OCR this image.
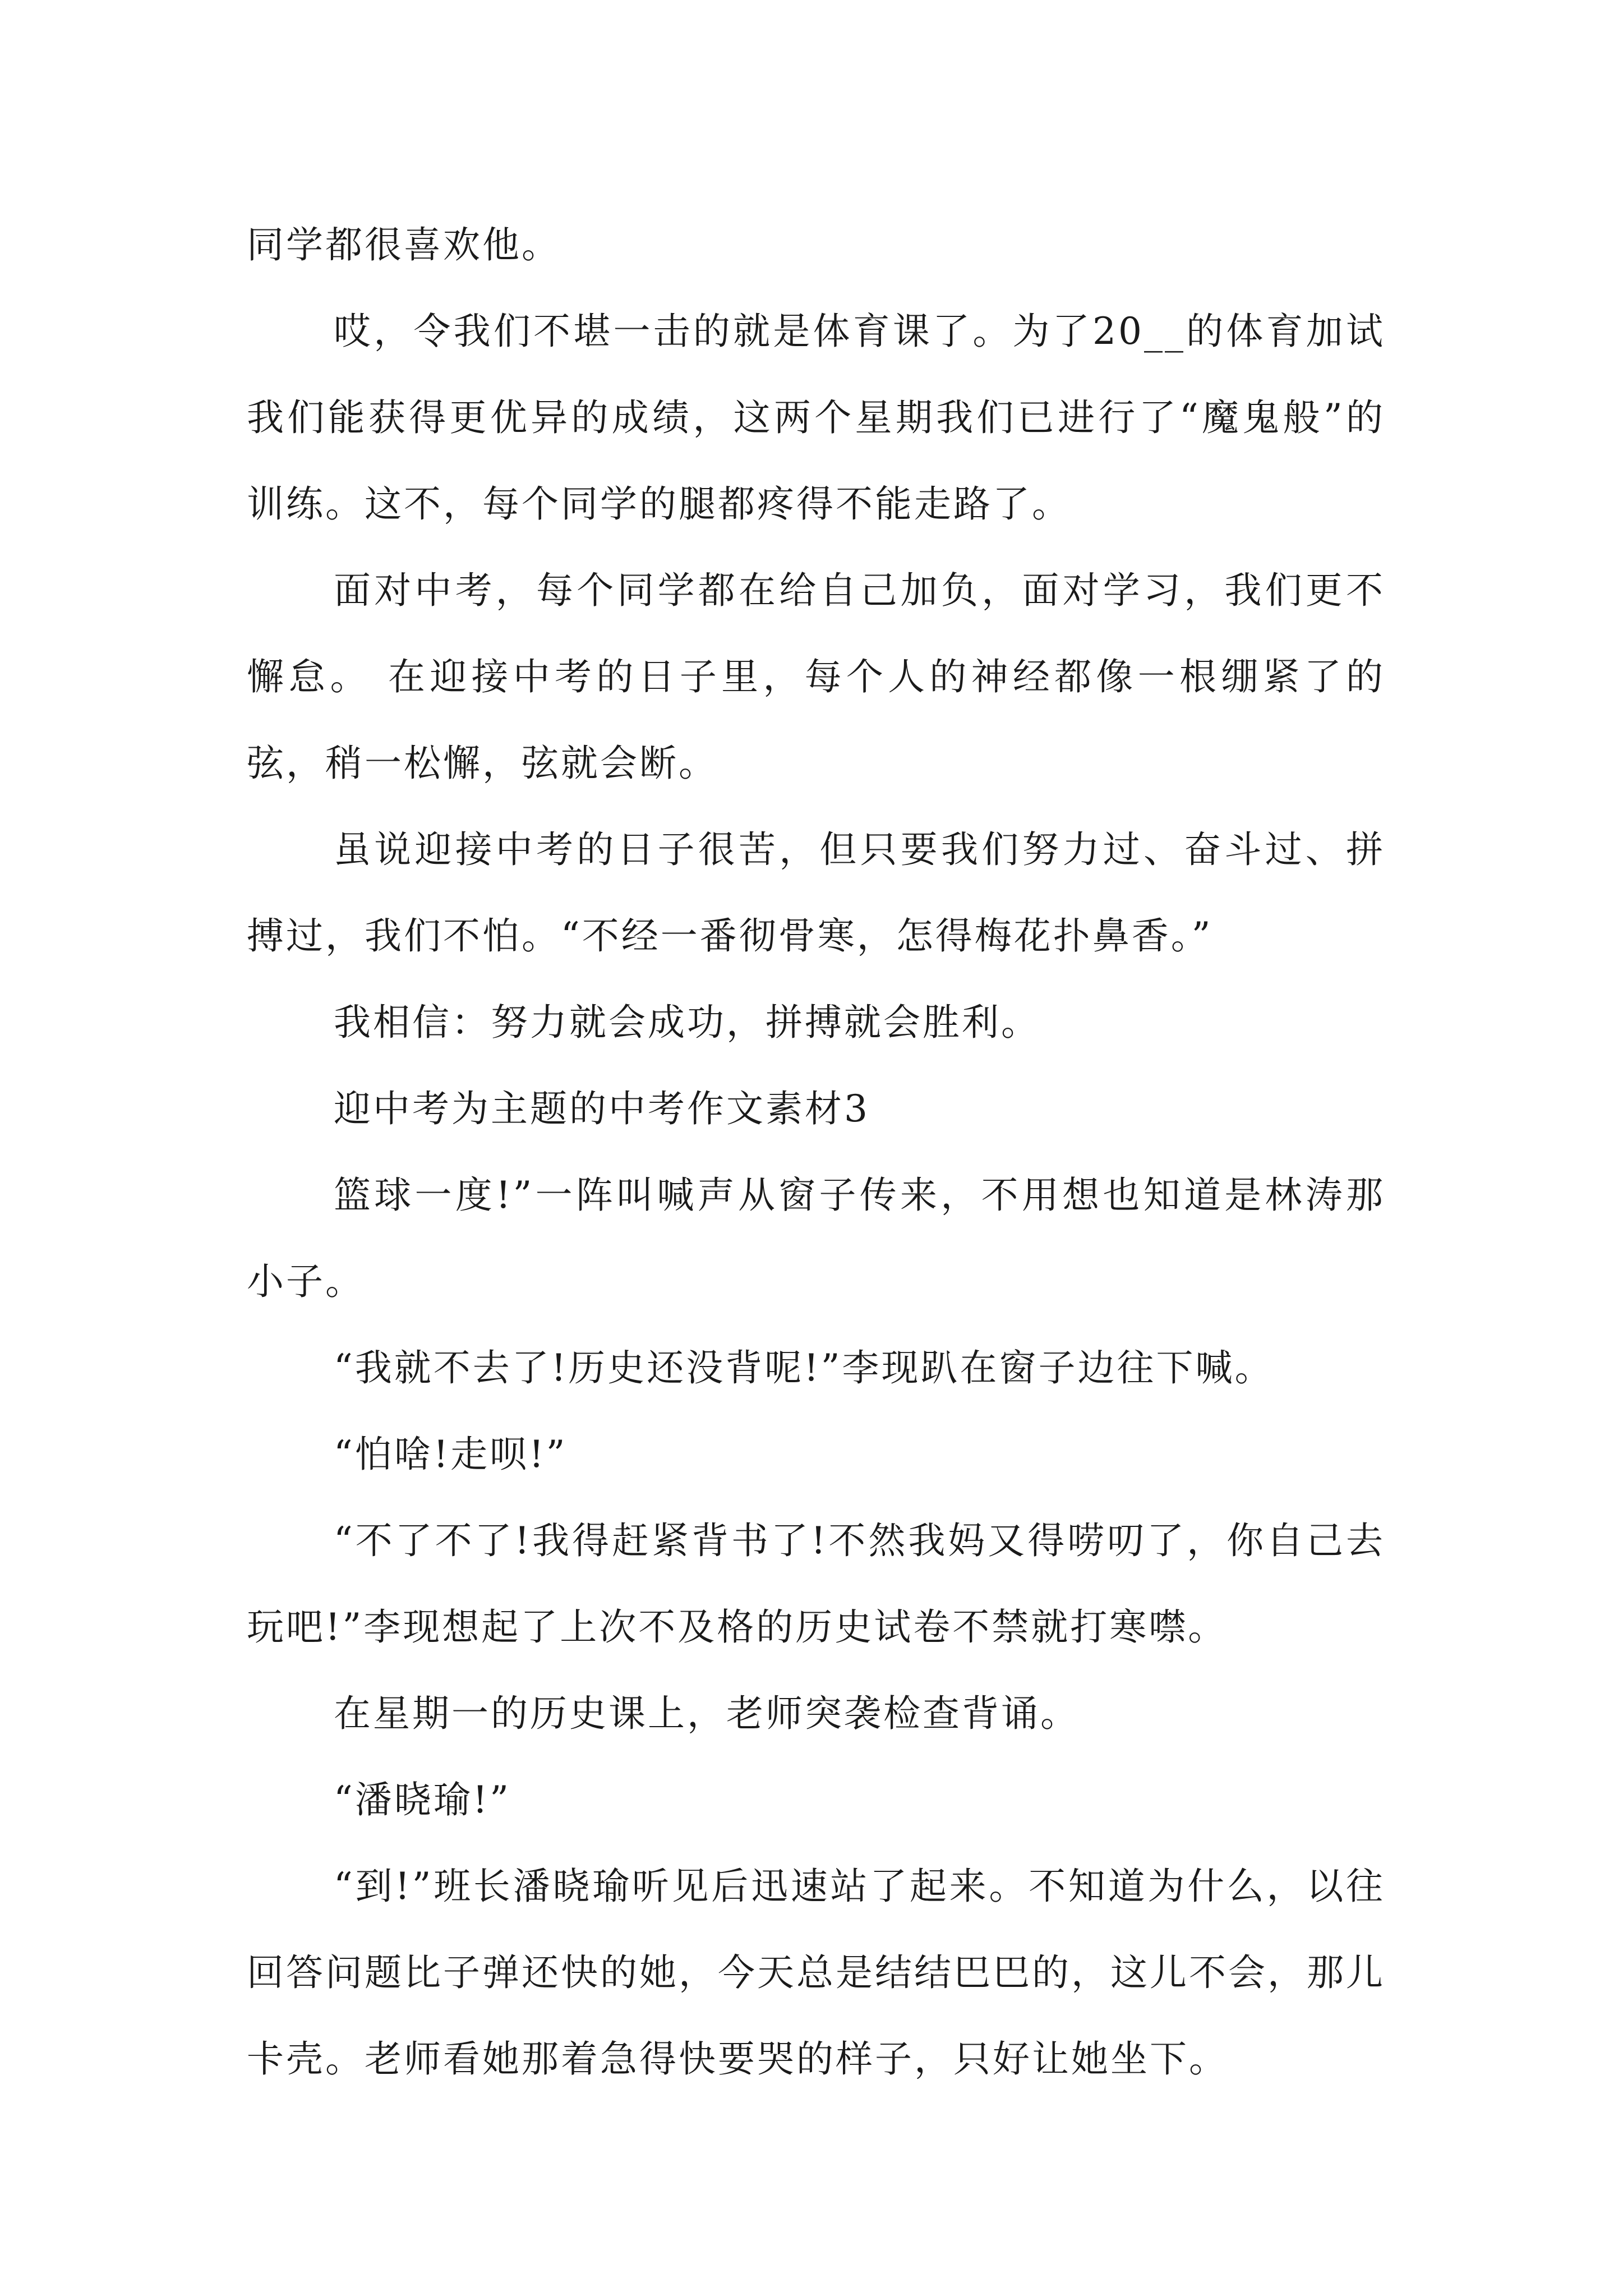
同学都很喜欢他。

哎，令我们不堪一击的就是体育课了。为了20__的体育加试我们能获得更优异的成绩，这两个星期我们已进行了“魔鬼般”的训练。这不，每个同学的腿都疼得不能走路了。

面对中考，每个同学都在给自己加负，面对学习，我们更不懈怠。 在迎接中考的日子里，每个人的神经都像一根绷紧了的弦，稍一松懈，弦就会断。

虽说迎接中考的日子很苦，但只要我们努力过、奋斗过、拼搏过，我们不怕。“不经一番彻骨寒，怎得梅花扑鼻香。”

我相信：努力就会成功，拼搏就会胜利。

迎中考为主题的中考作文素材3

篮球一度!”一阵叫喊声从窗子传来，不用想也知道是林涛那小子。

“我就不去了!历史还没背呢!”李现趴在窗子边往下喊。

“怕啥!走呗!”

“不了不了!我得赶紧背书了!不然我妈又得唠叨了，你自己去玩吧!”李现想起了上次不及格的历史试卷不禁就打寒噤。

在星期一的历史课上，老师突袭检查背诵。

“潘晓瑜!”

“到!”班长潘晓瑜听见后迅速站了起来。不知道为什么，以往回答问题比子弹还快的她，今天总是结结巴巴的，这儿不会，那儿卡壳。老师看她那着急得快要哭的样子，只好让她坐下。
